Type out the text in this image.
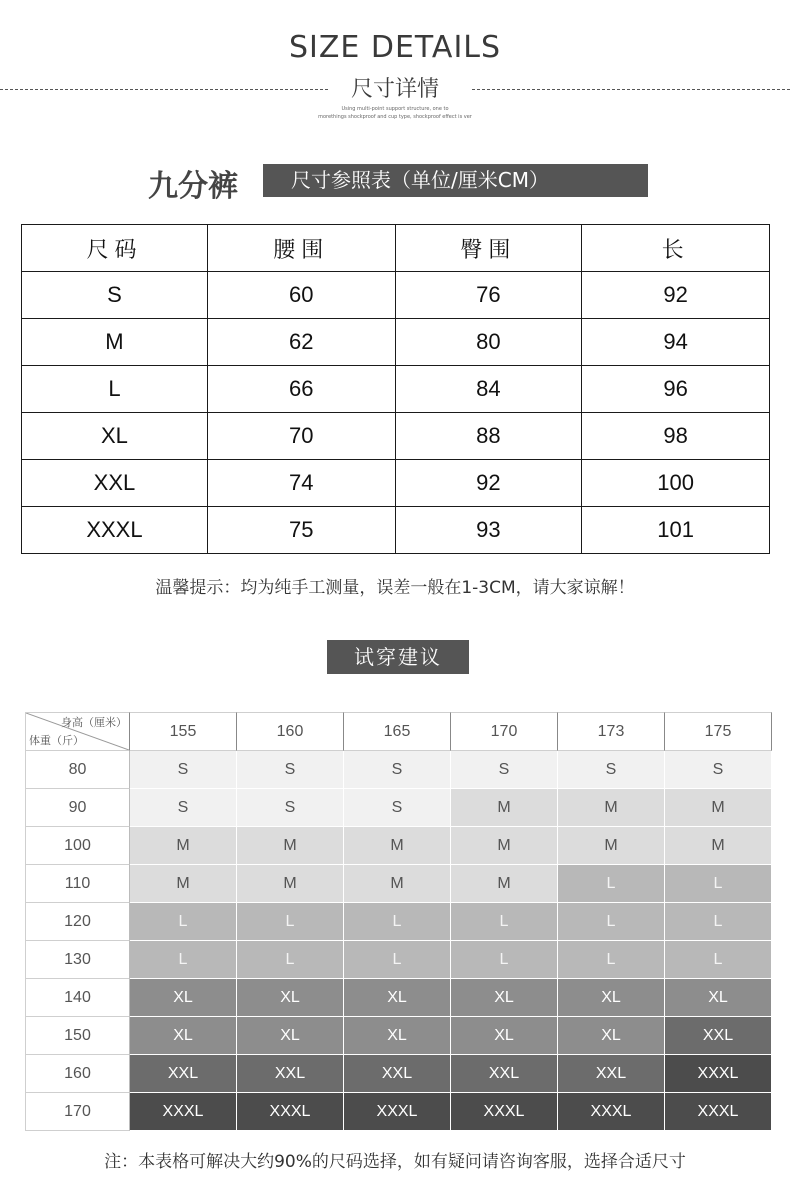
SIZE DETAILS
尺寸详情
Using multi-point support structure, one to
morethings shockproof and cup type, shockproof effect is ver
九分裤	尺寸参照表（单位/厘米CM）
尺码	腰围	臀围	长
S	60	76	92
M	62	80	94
L	66	84	96
XL	70	88	98
XXL	74	92	100
XXXL	75	93	101
温馨提示：均为纯手工测量，误差一般在1-3CM，请大家谅解！
试穿建议
身高（厘米）
体重（斤）	155	160	165	170	173	175
80	S	S	S	S	S	S
90	S	S	S	M	M	M
100	M	M	M	M	M	M
110	M	M	M	M	L	L
120	L	L	L	L	L	L
130	L	L	L	L	L	L
140	XL	XL	XL	XL	XL	XL
150	XL	XL	XL	XL	XL	XXL
160	XXL	XXL	XXL	XXL	XXL	XXXL
170	XXXL	XXXL	XXXL	XXXL	XXXL	XXXL
注：本表格可解决大约90%的尺码选择，如有疑问请咨询客服，选择合适尺寸
